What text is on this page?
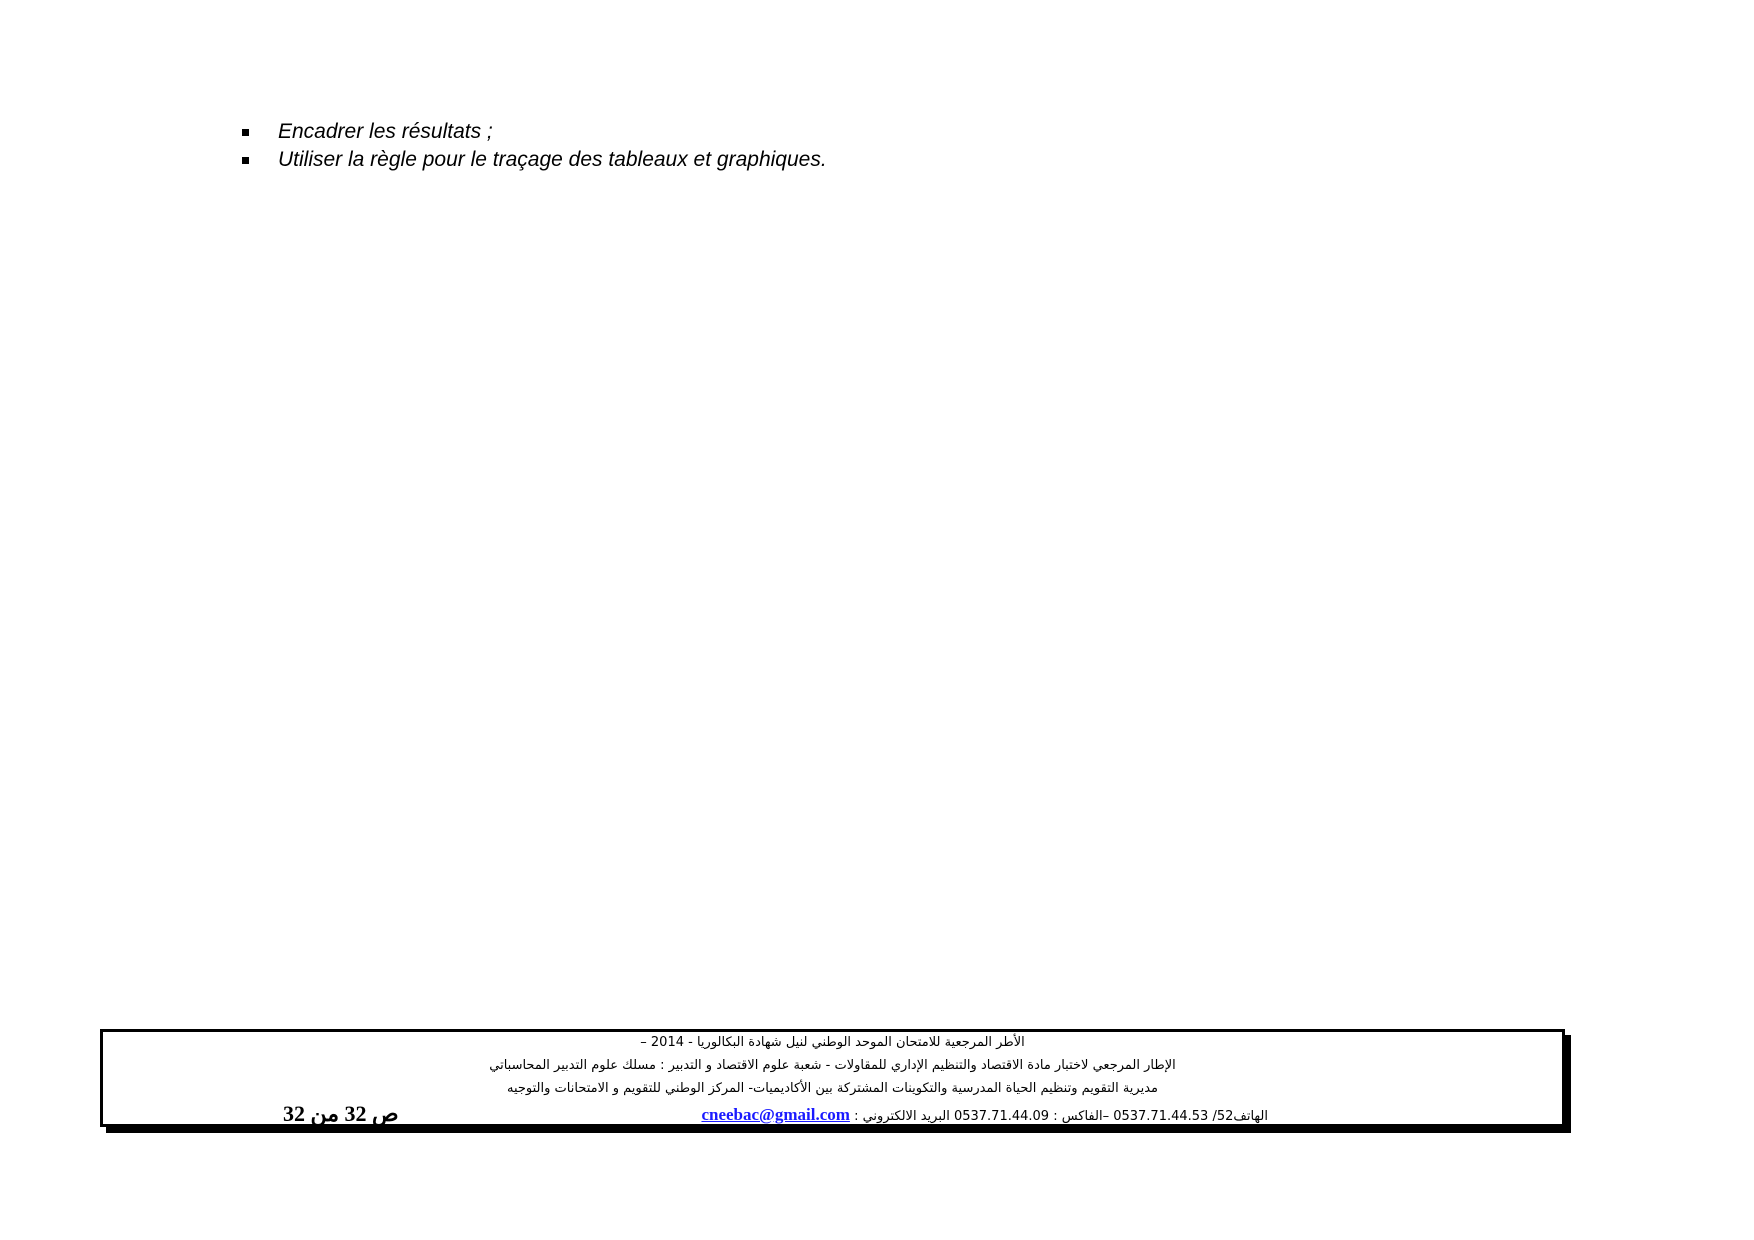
Encadrer les résultats ;
Utiliser la règle pour le traçage des tableaux et graphiques.
الأطر المرجعية للامتحان الموحد الوطني لنيل شهادة البكالوريا - 2014 –
الإطار المرجعي لاختبار مادة الاقتصاد والتنظيم الإداري للمقاولات - شعبة علوم الاقتصاد و التدبير : مسلك علوم التدبير المحاسباتي
مديرية التقويم وتنظيم الحياة المدرسية والتكوينات المشتركة بين الأكاديميات- المركز الوطني للتقويم و الامتحانات والتوجيه
الهاتف52/ 0537.71.44.53 –الفاكس : 0537.71.44.09 البريد الالكتروني : cneebac@gmail.com
ص 32 من 32
